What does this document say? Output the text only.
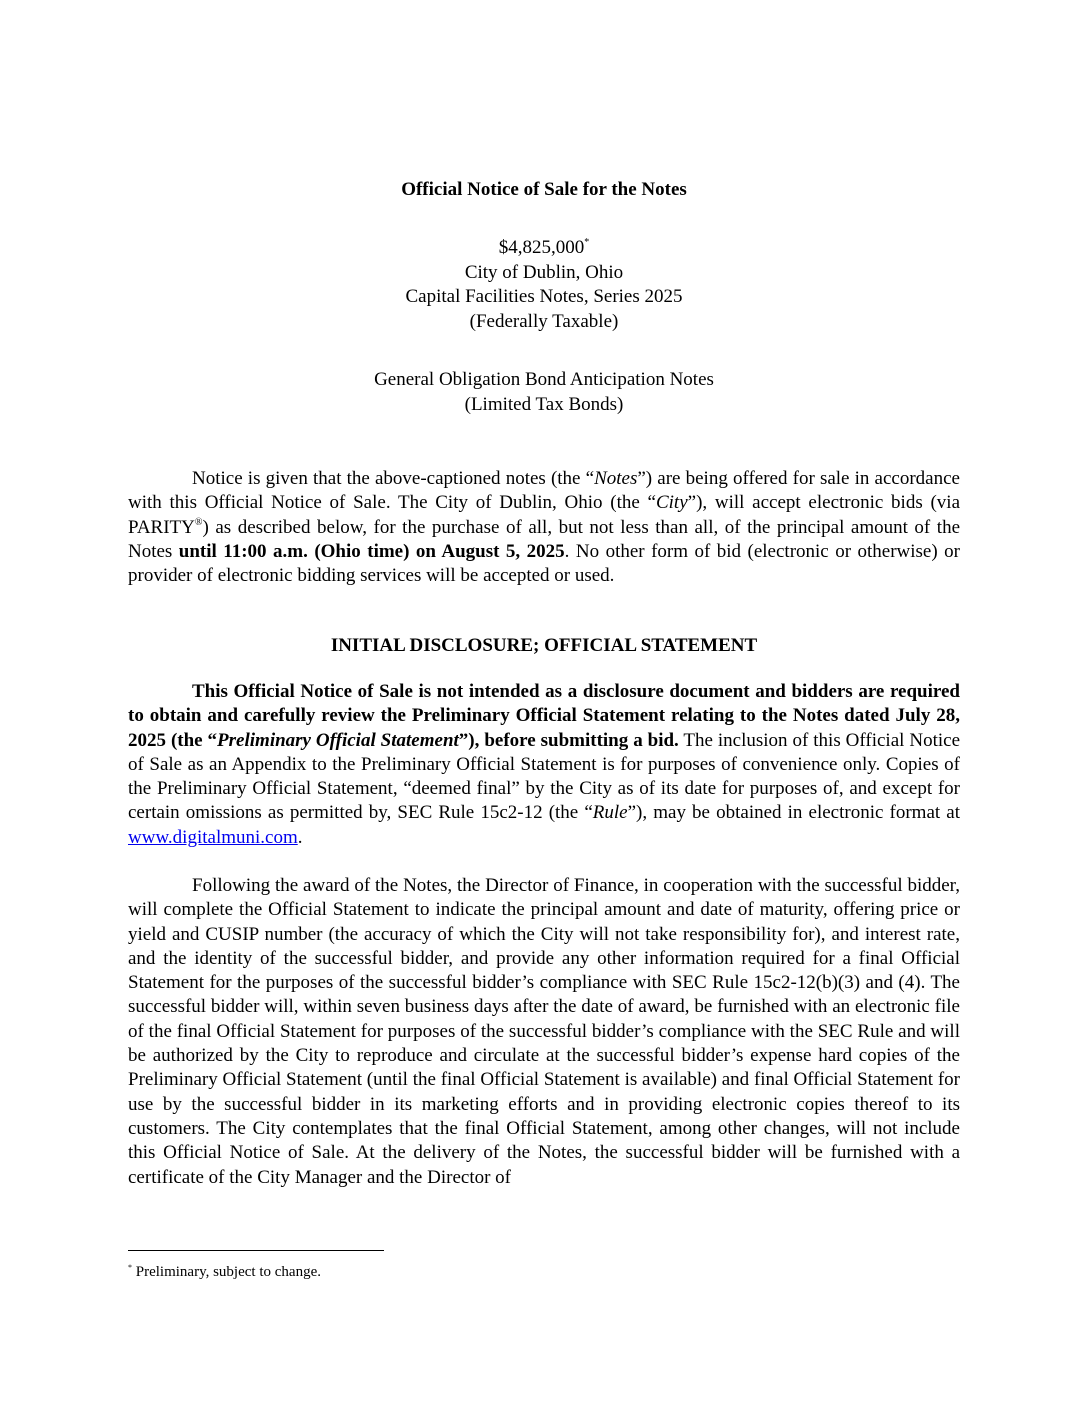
Official Notice of Sale for the Notes
$4,825,000*
City of Dublin, Ohio
Capital Facilities Notes, Series 2025
(Federally Taxable)
General Obligation Bond Anticipation Notes
(Limited Tax Bonds)
Notice is given that the above-captioned notes (the “Notes”) are being offered for sale in accordance with this Official Notice of Sale. The City of Dublin, Ohio (the “City”), will accept electronic bids (via PARITY®) as described below, for the purchase of all, but not less than all, of the principal amount of the Notes until 11:00 a.m. (Ohio time) on August 5, 2025. No other form of bid (electronic or otherwise) or provider of electronic bidding services will be accepted or used.
INITIAL DISCLOSURE; OFFICIAL STATEMENT
This Official Notice of Sale is not intended as a disclosure document and bidders are required to obtain and carefully review the Preliminary Official Statement relating to the Notes dated July 28, 2025 (the “Preliminary Official Statement”), before submitting a bid. The inclusion of this Official Notice of Sale as an Appendix to the Preliminary Official Statement is for purposes of convenience only. Copies of the Preliminary Official Statement, “deemed final” by the City as of its date for purposes of, and except for certain omissions as permitted by, SEC Rule 15c2-12 (the “Rule”), may be obtained in electronic format at www.digitalmuni.com.
Following the award of the Notes, the Director of Finance, in cooperation with the successful bidder, will complete the Official Statement to indicate the principal amount and date of maturity, offering price or yield and CUSIP number (the accuracy of which the City will not take responsibility for), and interest rate, and the identity of the successful bidder, and provide any other information required for a final Official Statement for the purposes of the successful bidder’s compliance with SEC Rule 15c2-12(b)(3) and (4). The successful bidder will, within seven business days after the date of award, be furnished with an electronic file of the final Official Statement for purposes of the successful bidder’s compliance with the SEC Rule and will be authorized by the City to reproduce and circulate at the successful bidder’s expense hard copies of the Preliminary Official Statement (until the final Official Statement is available) and final Official Statement for use by the successful bidder in its marketing efforts and in providing electronic copies thereof to its customers. The City contemplates that the final Official Statement, among other changes, will not include this Official Notice of Sale. At the delivery of the Notes, the successful bidder will be furnished with a certificate of the City Manager and the Director of
* Preliminary, subject to change.
